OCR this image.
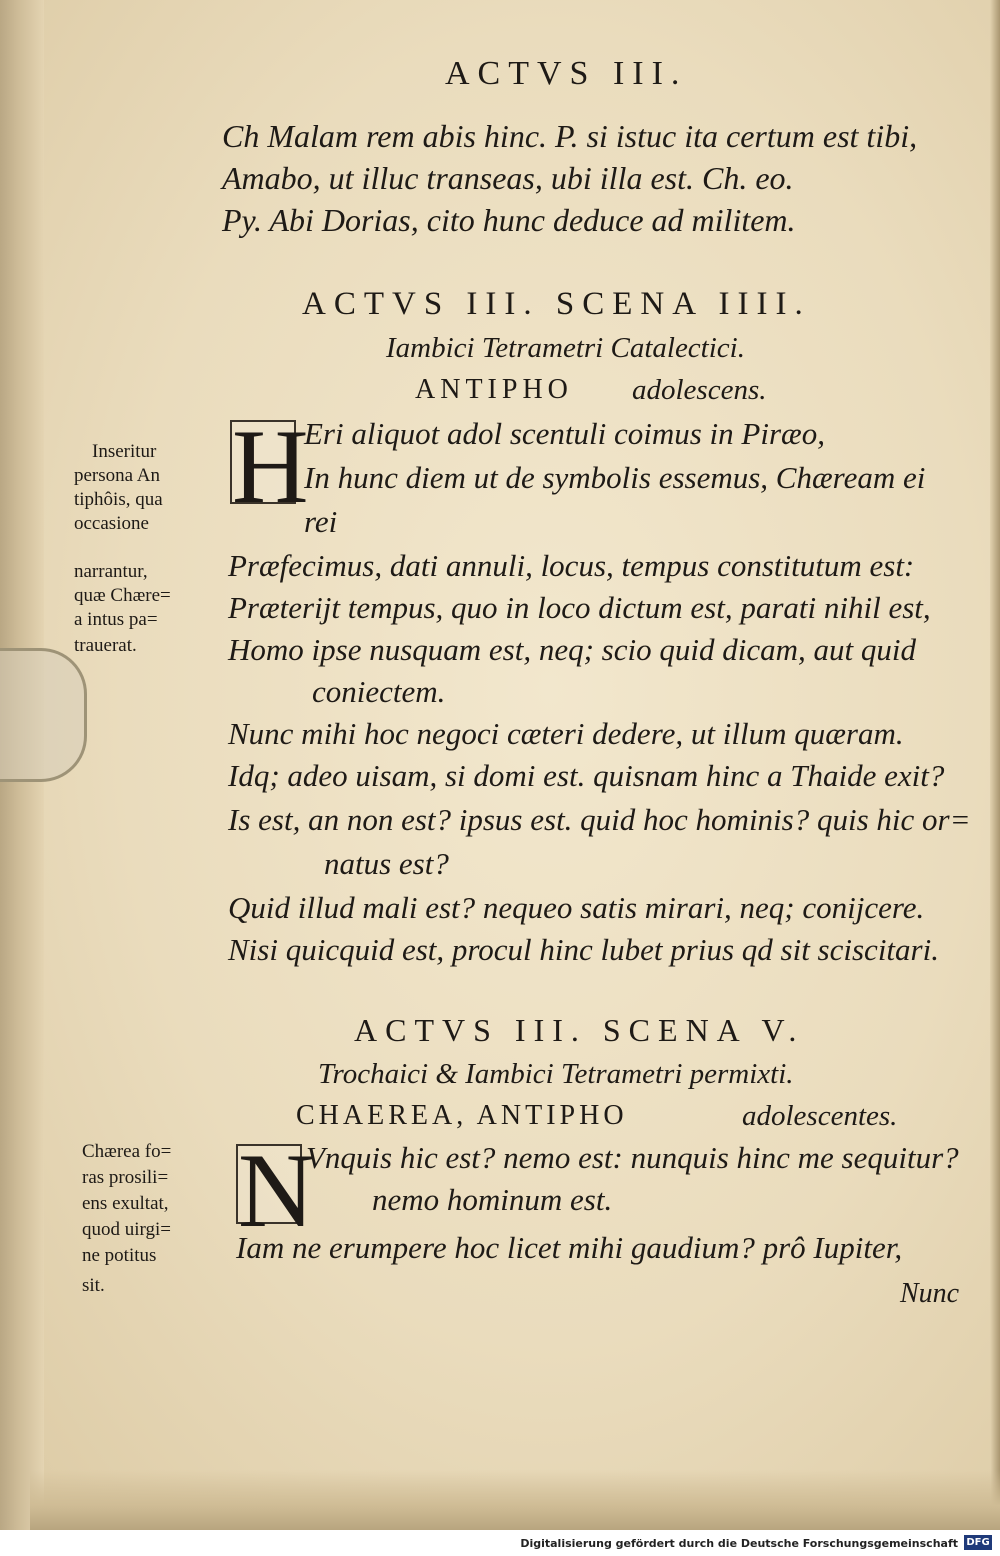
ACTVS III.
Ch Malam rem abis hinc. P. si istuc ita certum est tibi,
Amabo, ut illuc transeas, ubi illa est. Ch. eo.
Py. Abi Dorias, cito hunc deduce ad militem.
ACTVS III. SCENA IIII.
Iambici Tetrametri Catalectici.
ANTIPHO adolescens.
H
Eri aliquot adol scentuli coimus in Piræo,
In hunc diem ut de symbolis essemus, Chæream ei
rei
Præfecimus, dati annuli, locus, tempus constitutum est:
Præterijt tempus, quo in loco dictum est, parati nihil est,
Homo ipse nusquam est, neq; scio quid dicam, aut quid
coniectem.
Nunc mihi hoc negoci cæteri dedere, ut illum quæram.
Idq; adeo uisam, si domi est. quisnam hinc a Thaide exit?
Is est, an non est? ipsus est. quid hoc hominis? quis hic or=
natus est?
Quid illud mali est? nequeo satis mirari, neq; conijcere.
Nisi quicquid est, procul hinc lubet prius qd sit sciscitari.
Inseritur
persona An
tiphôis, qua
occasione
narrantur,
quæ Chære=
a intus pa=
trauerat.
ACTVS III. SCENA V.
Trochaici & Iambici Tetrametri permixti.
CHAEREA, ANTIPHO	adolescentes.
N
Vnquis hic est? nemo est: nunquis hinc me sequitur?
nemo hominum est.
Iam ne erumpere hoc licet mihi gaudium? prô Iupiter,
Nunc
Chærea fo=
ras prosili=
ens exultat,
quod uirgi=
ne potitus
sit.
Digitalisierung gefördert durch die Deutsche Forschungsgemeinschaft DFG
